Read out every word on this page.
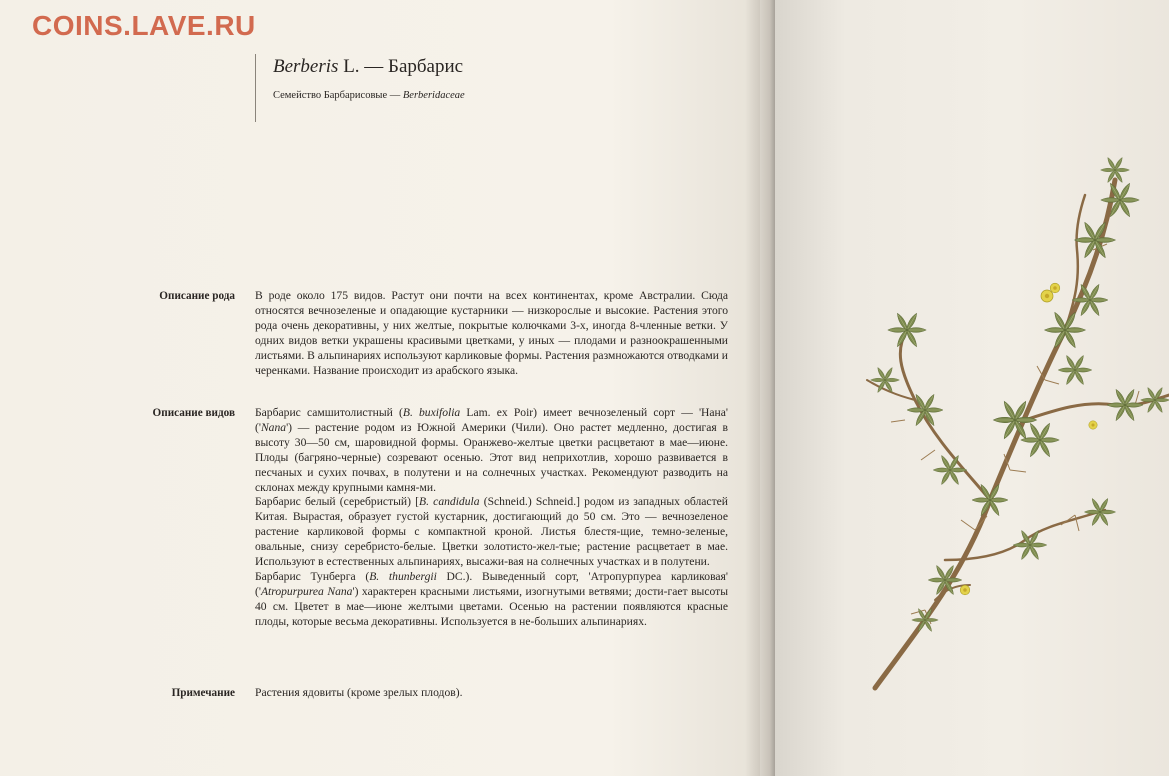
COINS.LAVE.RU
Berberis L. — Барбарис
Семейство Барбарисовые — Berberidaceae
Описание рода В роде около 175 видов. Растут они почти на всех континентах, кроме Австралии. Сюда относятся вечнозеленые и опадающие кустарники — низкорослые и высокие. Растения этого рода очень декоративны, у них желтые, покрытые колючками 3-х, иногда 8-членные ветки. У одних видов ветки украшены красивыми цветками, у иных — плодами и разноокрашенными листьями. В альпинариях используют карликовые формы. Растения размножаются отводками и черенками. Название происходит из арабского языка.

Описание видов Барбарис самшитолистный (B. buxifolia Lam. ex Poir) имеет вечнозеленый сорт — 'Нана' ('Nana') — растение родом из Южной Америки (Чили). Оно растет медленно, достигая в высоту 30—50 см, шаровидной формы. Оранжево-желтые цветки расцветают в мае—июне. Плоды (багряно-черные) созревают осенью. Этот вид неприхотлив, хорошо развивается в песчаных и сухих почвах, в полутени и на солнечных участках. Рекомендуют разводить на склонах между крупными камня-ми.

Барбарис белый (серебристый) [B. candidula (Schneid.) Schneid.] родом из западных областей Китая. Вырастая, образует густой кустарник, достигающий до 50 см. Это — вечнозеленое растение карликовой формы с компактной кроной. Листья блестя-щие, темно-зеленые, овальные, снизу серебристо-белые. Цветки золотисто-жел-тые; растение расцветает в мае. Используют в естественных альпинариях, высажи-вая на солнечных участках и в полутени.

Барбарис Тунберга (B. thunbergii DC.). Выведенный сорт, 'Атропурпуреа карликовая' ('Atropurpurea Nana') характерен красными листьями, изогнутыми ветвями; дости-гает высоты 40 см. Цветет в мае—июне желтыми цветами. Осенью на растении появляются красные плоды, которые весьма декоративны. Используется в не-больших альпинариях.

Примечание Растения ядовиты (кроме зрелых плодов).
